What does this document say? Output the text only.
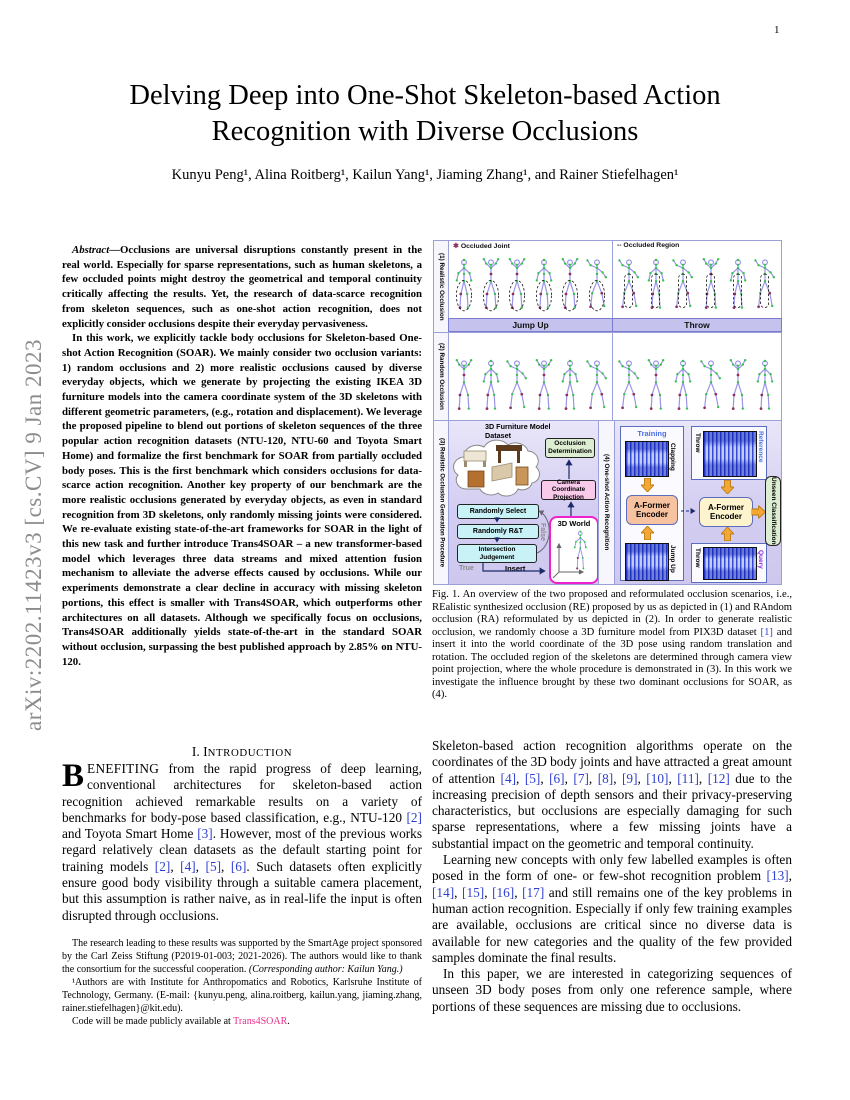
1
arXiv:2202.11423v3 [cs.CV] 9 Jan 2023
Delving Deep into One-Shot Skeleton-based Action
Recognition with Diverse Occlusions
Kunyu Peng¹, Alina Roitberg¹, Kailun Yang¹, Jiaming Zhang¹, and Rainer Stiefelhagen¹

Abstract—Occlusions are universal disruptions constantly present in the real world. Especially for sparse representations, such as human skeletons, a few occluded points might destroy the geometrical and temporal continuity critically affecting the results. Yet, the research of data-scarce recognition from skeleton sequences, such as one-shot action recognition, does not explicitly consider occlusions despite their everyday pervasiveness.

In this work, we explicitly tackle body occlusions for Skeleton-based One-shot Action Recognition (SOAR). We mainly consider two occlusion variants: 1) random occlusions and 2) more realistic occlusions caused by diverse everyday objects, which we generate by projecting the existing IKEA 3D furniture models into the camera coordinate system of the 3D skeletons with different geometric parameters, (e.g., rotation and displacement). We leverage the proposed pipeline to blend out portions of skeleton sequences of the three popular action recognition datasets (NTU-120, NTU-60 and Toyota Smart Home) and formalize the first benchmark for SOAR from partially occluded body poses. This is the first benchmark which considers occlusions for data-scarce action recognition. Another key property of our benchmark are the more realistic occlusions generated by everyday objects, as even in standard recognition from 3D skeletons, only randomly missing joints were considered. We re-evaluate existing state-of-the-art frameworks for SOAR in the light of this new task and further introduce Trans4SOAR – a new transformer-based model which leverages three data streams and mixed attention fusion mechanism to alleviate the adverse effects caused by occlusions. While our experiments demonstrate a clear decline in accuracy with missing skeleton portions, this effect is smaller with Trans4SOAR, which outperforms other architectures on all datasets. Although we specifically focus on occlusions, Trans4SOAR additionally yields state-of-the-art in the standard SOAR without occlusion, surpassing the best published approach by 2.85% on NTU-120.

I. INTRODUCTION

BENEFITING from the rapid progress of deep learning, conventional architectures for skeleton-based action recognition achieved remarkable results on a variety of benchmarks for body-pose based classification, e.g., NTU-120 [2] and Toyota Smart Home [3]. However, most of the previous works regard relatively clean datasets as the default starting point for training models [2], [4], [5], [6]. Such datasets often explicitly ensure good body visibility through a suitable camera placement, but this assumption is rather naive, as in real-life the input is often disrupted through occlusions.

The research leading to these results was supported by the SmartAge project sponsored by the Carl Zeiss Stiftung (P2019-01-003; 2021-2026). The authors would like to thank the consortium for the successful cooperation. (Corresponding author: Kailun Yang.)

¹Authors are with Institute for Anthropomatics and Robotics, Karlsruhe Institute of Technology, Germany. (E-mail: {kunyu.peng, alina.roitberg, kailun.yang, jiaming.zhang, rainer.stiefelhagen}@kit.edu).

Code will be made publicly available at Trans4SOAR.

(1) Realistic Occlusion
✱ Occluded Joint
Jump Up
-- Occluded Region
Throw
(2) Random Occlusion
(3) Realistic Occlusion Generation Procedure
3D Furniture Model Dataset
Randomly Select
Randomly R&T
Intersection Judgement
True	Insert
False	3D World
Camera Coordinate Projection
Occlusion Determination
(4) One-shot Action Recognition
Training
Clapping
A-Former Encoder
Jump Up
Throw	Reference
A-Former Encoder
Throw	Query
Unseen Classification

Fig. 1. An overview of the two proposed and reformulated occlusion scenarios, i.e., REalistic synthesized occlusion (RE) proposed by us as depicted in (1) and RAndom occlusion (RA) reformulated by us depicted in (2). In order to generate realistic occlusion, we randomly choose a 3D furniture model from PIX3D dataset [1] and insert it into the world coordinate of the 3D pose using random translation and rotation. The occluded region of the skeletons are determined through camera view point projection, where the whole procedure is demonstrated in (3). In this work we investigate the influence brought by these two dominant occlusions for SOAR, as (4).

Skeleton-based action recognition algorithms operate on the coordinates of the 3D body joints and have attracted a great amount of attention [4], [5], [6], [7], [8], [9], [10], [11], [12] due to the increasing precision of depth sensors and their privacy-preserving characteristics, but occlusions are especially damaging for such sparse representations, where a few missing joints have a substantial impact on the geometric and temporal continuity.

Learning new concepts with only few labelled examples is often posed in the form of one- or few-shot recognition problem [13], [14], [15], [16], [17] and still remains one of the key problems in human action recognition. Especially if only few training examples are available, occlusions are critical since no diverse data is available for new categories and the quality of the few provided samples dominate the final results.

In this paper, we are interested in categorizing sequences of unseen 3D body poses from only one reference sample, where portions of these sequences are missing due to occlusions.
